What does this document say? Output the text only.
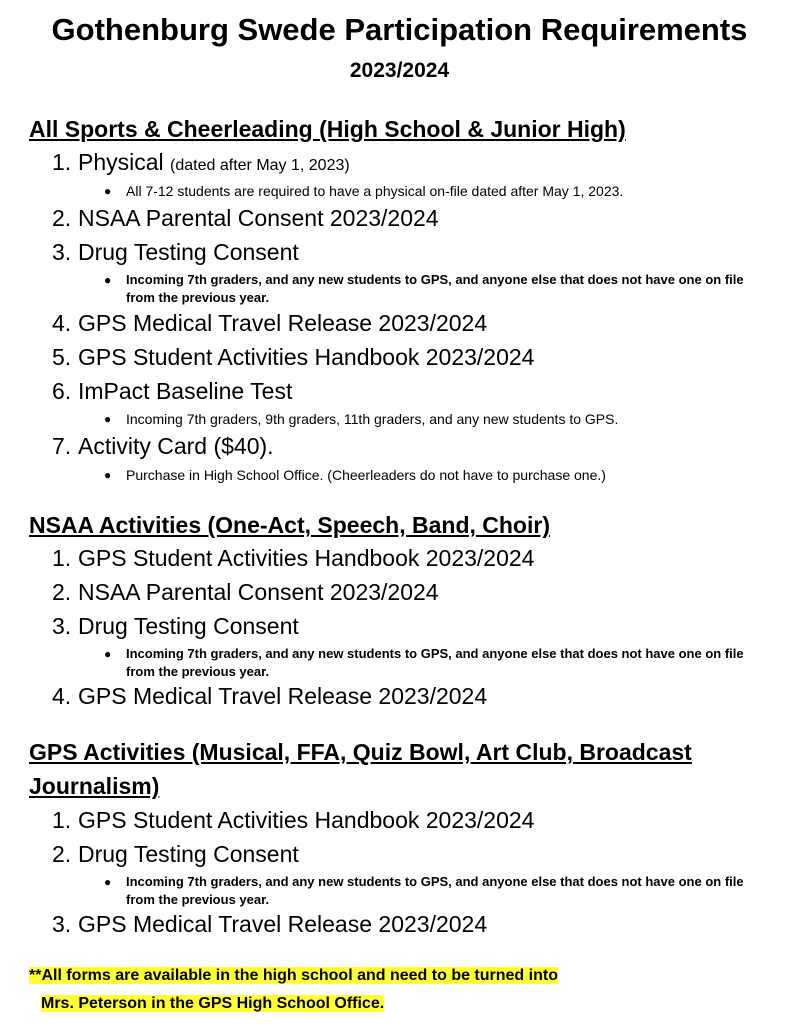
Gothenburg Swede Participation Requirements
2023/2024
All Sports & Cheerleading (High School & Junior High)
1. Physical (dated after May 1, 2023)
●	All 7-12 students are required to have a physical on-file dated after May 1, 2023.
2. NSAA Parental Consent 2023/2024
3. Drug Testing Consent
●	Incoming 7th graders, and any new students to GPS, and anyone else that does not have one on file from the previous year.
4. GPS Medical Travel Release 2023/2024
5. GPS Student Activities Handbook 2023/2024
6. ImPact Baseline Test
●	Incoming 7th graders, 9th graders, 11th graders, and any new students to GPS.
7. Activity Card ($40).
●	Purchase in High School Office. (Cheerleaders do not have to purchase one.)
NSAA Activities (One-Act, Speech, Band, Choir)
1. GPS Student Activities Handbook 2023/2024
2. NSAA Parental Consent 2023/2024
3. Drug Testing Consent
●	Incoming 7th graders, and any new students to GPS, and anyone else that does not have one on file from the previous year.
4. GPS Medical Travel Release 2023/2024
GPS Activities (Musical, FFA, Quiz Bowl, Art Club, Broadcast Journalism)
1. GPS Student Activities Handbook 2023/2024
2. Drug Testing Consent
●	Incoming 7th graders, and any new students to GPS, and anyone else that does not have one on file from the previous year.
3. GPS Medical Travel Release 2023/2024
**All forms are available in the high school and need to be turned into
Mrs. Peterson in the GPS High School Office.
